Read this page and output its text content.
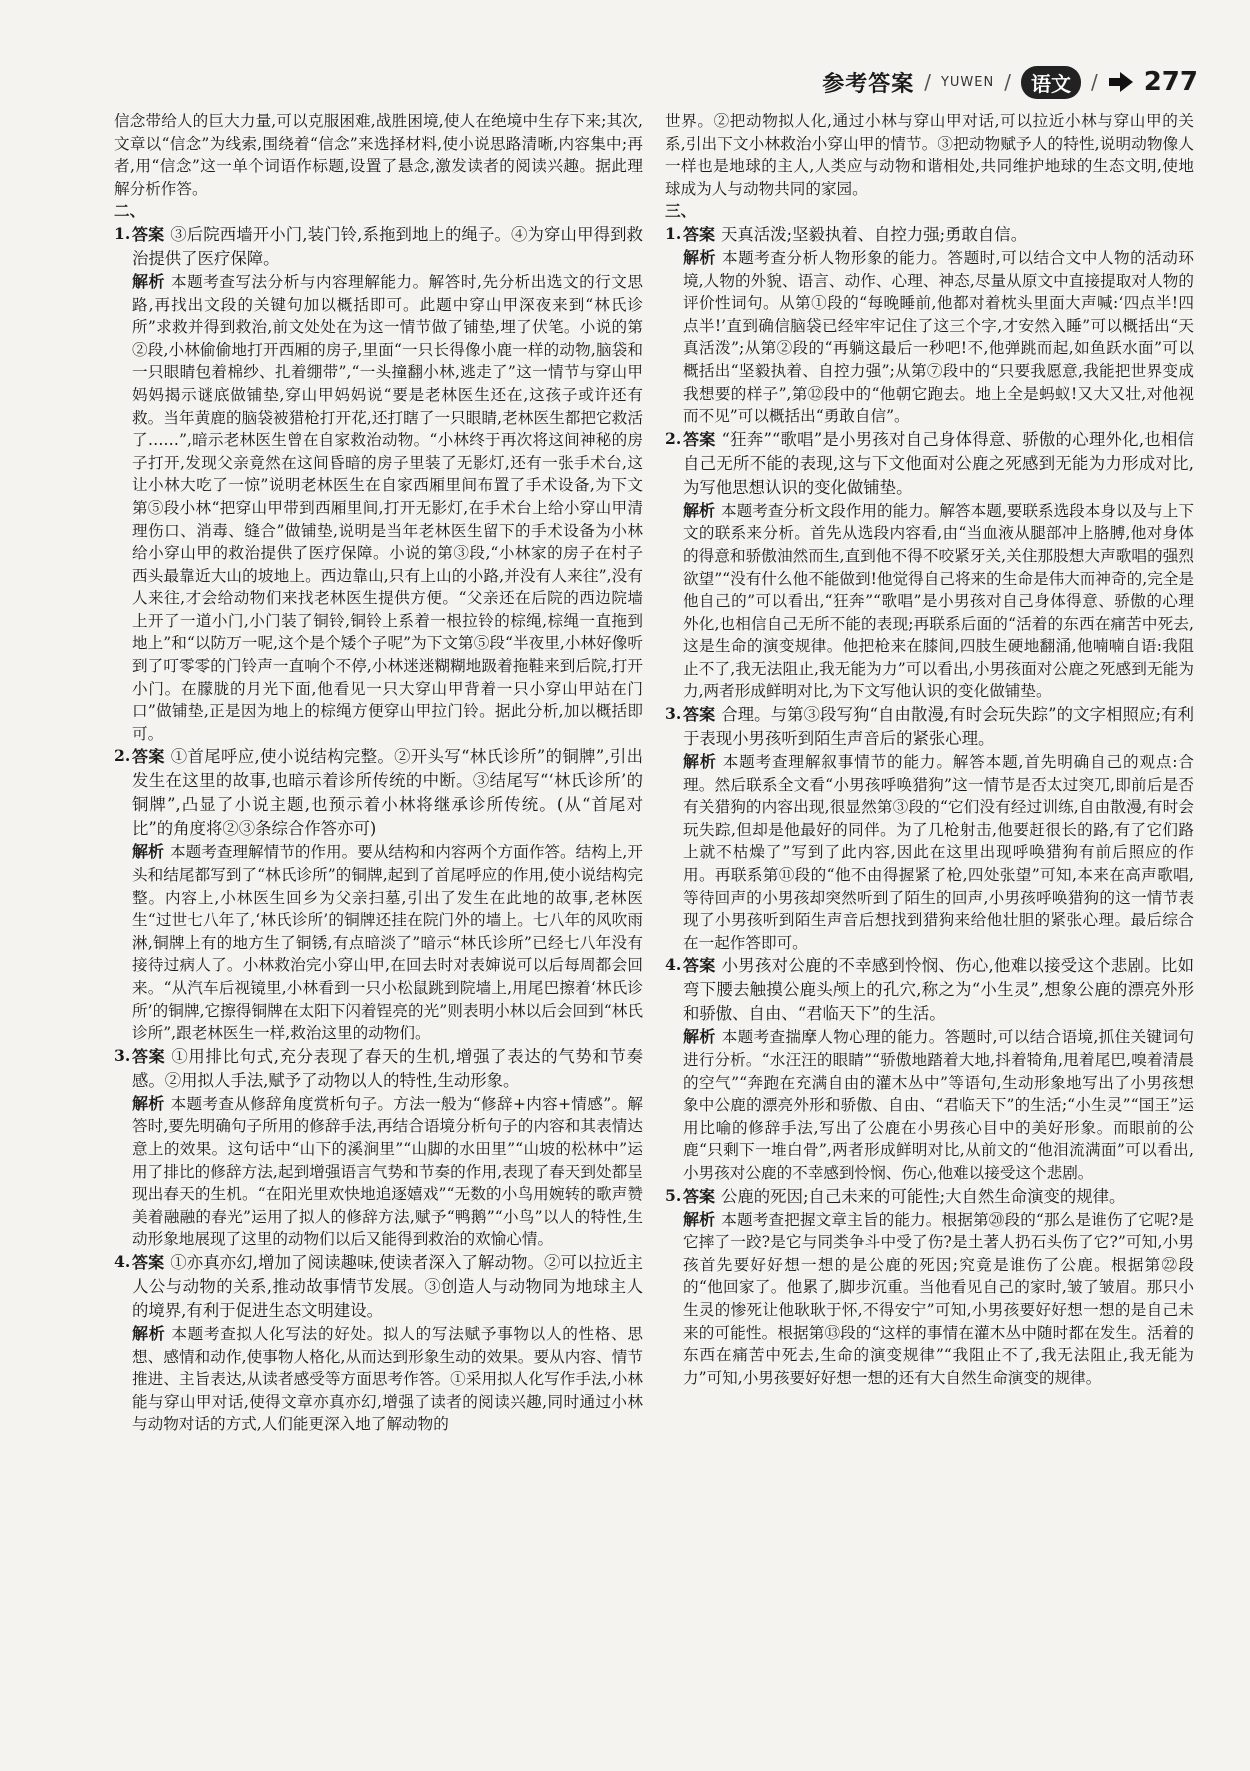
参考答案 / YUWEN /	语文	/ 277

信念带给人的巨大力量,可以克服困难,战胜困境,使人在绝境中生存下来;其次,文章以“信念”为线索,围绕着“信念”来选择材料,使小说思路清晰,内容集中;再者,用“信念”这一单个词语作标题,设置了悬念,激发读者的阅读兴趣。据此理解分析作答。

二、

1. 答案 ③后院西墙开小门,装门铃,系拖到地上的绳子。④为穿山甲得到救治提供了医疗保障。

解析 本题考查写法分析与内容理解能力。解答时,先分析出选文的行文思路,再找出文段的关键句加以概括即可。此题中穿山甲深夜来到“林氏诊所”求救并得到救治,前文处处在为这一情节做了铺垫,埋了伏笔。小说的第②段,小林偷偷地打开西厢的房子,里面“一只长得像小鹿一样的动物,脑袋和一只眼睛包着棉纱、扎着绷带”,“一头撞翻小林,逃走了”这一情节与穿山甲妈妈揭示谜底做铺垫,穿山甲妈妈说“要是老林医生还在,这孩子或许还有救。当年黄鹿的脑袋被猎枪打开花,还打瞎了一只眼睛,老林医生都把它救活了……”,暗示老林医生曾在自家救治动物。“小林终于再次将这间神秘的房子打开,发现父亲竟然在这间昏暗的房子里装了无影灯,还有一张手术台,这让小林大吃了一惊”说明老林医生在自家西厢里间布置了手术设备,为下文第⑤段小林“把穿山甲带到西厢里间,打开无影灯,在手术台上给小穿山甲清理伤口、消毒、缝合”做铺垫,说明是当年老林医生留下的手术设备为小林给小穿山甲的救治提供了医疗保障。小说的第③段,“小林家的房子在村子西头最靠近大山的坡地上。西边靠山,只有上山的小路,并没有人来往”,没有人来往,才会给动物们来找老林医生提供方便。“父亲还在后院的西边院墙上开了一道小门,小门装了铜铃,铜铃上系着一根拉铃的棕绳,棕绳一直拖到地上”和“以防万一呢,这个是个矮个子呢”为下文第⑤段“半夜里,小林好像听到了叮零零的门铃声一直响个不停,小林迷迷糊糊地趿着拖鞋来到后院,打开小门。在朦胧的月光下面,他看见一只大穿山甲背着一只小穿山甲站在门口”做铺垫,正是因为地上的棕绳方便穿山甲拉门铃。据此分析,加以概括即可。

2. 答案 ①首尾呼应,使小说结构完整。②开头写“林氏诊所”的铜牌”,引出发生在这里的故事,也暗示着诊所传统的中断。③结尾写“‘林氏诊所’的铜牌”,凸显了小说主题,也预示着小林将继承诊所传统。(从“首尾对比”的角度将②③条综合作答亦可)

解析 本题考查理解情节的作用。要从结构和内容两个方面作答。结构上,开头和结尾都写到了“林氏诊所”的铜牌,起到了首尾呼应的作用,使小说结构完整。内容上,小林医生回乡为父亲扫墓,引出了发生在此地的故事,老林医生“过世七八年了,‘林氏诊所’的铜牌还挂在院门外的墙上。七八年的风吹雨淋,铜牌上有的地方生了铜锈,有点暗淡了”暗示“林氏诊所”已经七八年没有接待过病人了。小林救治完小穿山甲,在回去时对表婶说可以后每周都会回来。“从汽车后视镜里,小林看到一只小松鼠跳到院墙上,用尾巴擦着‘林氏诊所’的铜牌,它擦得铜牌在太阳下闪着锃亮的光”则表明小林以后会回到“林氏诊所”,跟老林医生一样,救治这里的动物们。

3. 答案 ①用排比句式,充分表现了春天的生机,增强了表达的气势和节奏感。②用拟人手法,赋予了动物以人的特性,生动形象。

解析 本题考查从修辞角度赏析句子。方法一般为“修辞+内容+情感”。解答时,要先明确句子所用的修辞手法,再结合语境分析句子的内容和其表情达意上的效果。这句话中“山下的溪涧里”“山脚的水田里”“山坡的松林中”运用了排比的修辞方法,起到增强语言气势和节奏的作用,表现了春天到处都呈现出春天的生机。“在阳光里欢快地追逐嬉戏”“无数的小鸟用婉转的歌声赞美着融融的春光”运用了拟人的修辞方法,赋予“鸭鹅”“小鸟”以人的特性,生动形象地展现了这里的动物们以后又能得到救治的欢愉心情。

4. 答案 ①亦真亦幻,增加了阅读趣味,使读者深入了解动物。②可以拉近主人公与动物的关系,推动故事情节发展。③创造人与动物同为地球主人的境界,有利于促进生态文明建设。

解析 本题考查拟人化写法的好处。拟人的写法赋予事物以人的性格、思想、感情和动作,使事物人格化,从而达到形象生动的效果。要从内容、情节推进、主旨表达,从读者感受等方面思考作答。①采用拟人化写作手法,小林能与穿山甲对话,使得文章亦真亦幻,增强了读者的阅读兴趣,同时通过小林与动物对话的方式,人们能更深入地了解动物的

世界。②把动物拟人化,通过小林与穿山甲对话,可以拉近小林与穿山甲的关系,引出下文小林救治小穿山甲的情节。③把动物赋予人的特性,说明动物像人一样也是地球的主人,人类应与动物和谐相处,共同维护地球的生态文明,使地球成为人与动物共同的家园。

三、

1. 答案 天真活泼;坚毅执着、自控力强;勇敢自信。

解析 本题考查分析人物形象的能力。答题时,可以结合文中人物的活动环境,人物的外貌、语言、动作、心理、神态,尽量从原文中直接提取对人物的评价性词句。从第①段的“每晚睡前,他都对着枕头里面大声喊:‘四点半!四点半!’直到确信脑袋已经牢牢记住了这三个字,才安然入睡”可以概括出“天真活泼”;从第②段的“再躺这最后一秒吧!不,他弹跳而起,如鱼跃水面”可以概括出“坚毅执着、自控力强”;从第⑦段中的“只要我愿意,我能把世界变成我想要的样子”,第⑫段中的“他朝它跑去。地上全是蚂蚁!又大又壮,对他视而不见”可以概括出“勇敢自信”。

2. 答案 “狂奔”“歌唱”是小男孩对自己身体得意、骄傲的心理外化,也相信自己无所不能的表现,这与下文他面对公鹿之死感到无能为力形成对比,为写他思想认识的变化做铺垫。

解析 本题考查分析文段作用的能力。解答本题,要联系选段本身以及与上下文的联系来分析。首先从选段内容看,由“当血液从腿部冲上胳膊,他对身体的得意和骄傲油然而生,直到他不得不咬紧牙关,关住那股想大声歌唱的强烈欲望”“没有什么他不能做到!他觉得自己将来的生命是伟大而神奇的,完全是他自己的”可以看出,“狂奔”“歌唱”是小男孩对自己身体得意、骄傲的心理外化,也相信自己无所不能的表现;再联系后面的“活着的东西在痛苦中死去,这是生命的演变规律。他把枪来在膝间,四肢生硬地翻涌,他喃喃自语:我阻止不了,我无法阻止,我无能为力”可以看出,小男孩面对公鹿之死感到无能为力,两者形成鲜明对比,为下文写他认识的变化做铺垫。

3. 答案 合理。与第③段写狗“自由散漫,有时会玩失踪”的文字相照应;有利于表现小男孩听到陌生声音后的紧张心理。

解析 本题考查理解叙事情节的能力。解答本题,首先明确自己的观点:合理。然后联系全文看“小男孩呼唤猎狗”这一情节是否太过突兀,即前后是否有关猎狗的内容出现,很显然第③段的“它们没有经过训练,自由散漫,有时会玩失踪,但却是他最好的同伴。为了几枪射击,他要赶很长的路,有了它们路上就不枯燥了”写到了此内容,因此在这里出现呼唤猎狗有前后照应的作用。再联系第⑪段的“他不由得握紧了枪,四处张望”可知,本来在高声歌唱,等待回声的小男孩却突然听到了陌生的回声,小男孩呼唤猎狗的这一情节表现了小男孩听到陌生声音后想找到猎狗来给他壮胆的紧张心理。最后综合在一起作答即可。

4. 答案 小男孩对公鹿的不幸感到怜悯、伤心,他难以接受这个悲剧。比如弯下腰去触摸公鹿头颅上的孔穴,称之为“小生灵”,想象公鹿的漂亮外形和骄傲、自由、“君临天下”的生活。

解析 本题考查揣摩人物心理的能力。答题时,可以结合语境,抓住关键词句进行分析。“水汪汪的眼睛”“骄傲地踏着大地,抖着犄角,甩着尾巴,嗅着清晨的空气”“奔跑在充满自由的灌木丛中”等语句,生动形象地写出了小男孩想象中公鹿的漂亮外形和骄傲、自由、“君临天下”的生活;“小生灵”“国王”运用比喻的修辞手法,写出了公鹿在小男孩心目中的美好形象。而眼前的公鹿“只剩下一堆白骨”,两者形成鲜明对比,从前文的“他泪流满面”可以看出,小男孩对公鹿的不幸感到怜悯、伤心,他难以接受这个悲剧。

5. 答案 公鹿的死因;自己未来的可能性;大自然生命演变的规律。

解析 本题考查把握文章主旨的能力。根据第⑳段的“那么是谁伤了它呢?是它摔了一跤?是它与同类争斗中受了伤?是土著人扔石头伤了它?”可知,小男孩首先要好好想一想的是公鹿的死因;究竟是谁伤了公鹿。根据第㉒段的“他回家了。他累了,脚步沉重。当他看见自己的家时,皱了皱眉。那只小生灵的惨死让他耿耿于怀,不得安宁”可知,小男孩要好好想一想的是自己未来的可能性。根据第⑬段的“这样的事情在灌木丛中随时都在发生。活着的东西在痛苦中死去,生命的演变规律”“我阻止不了,我无法阻止,我无能为力”可知,小男孩要好好想一想的还有大自然生命演变的规律。
